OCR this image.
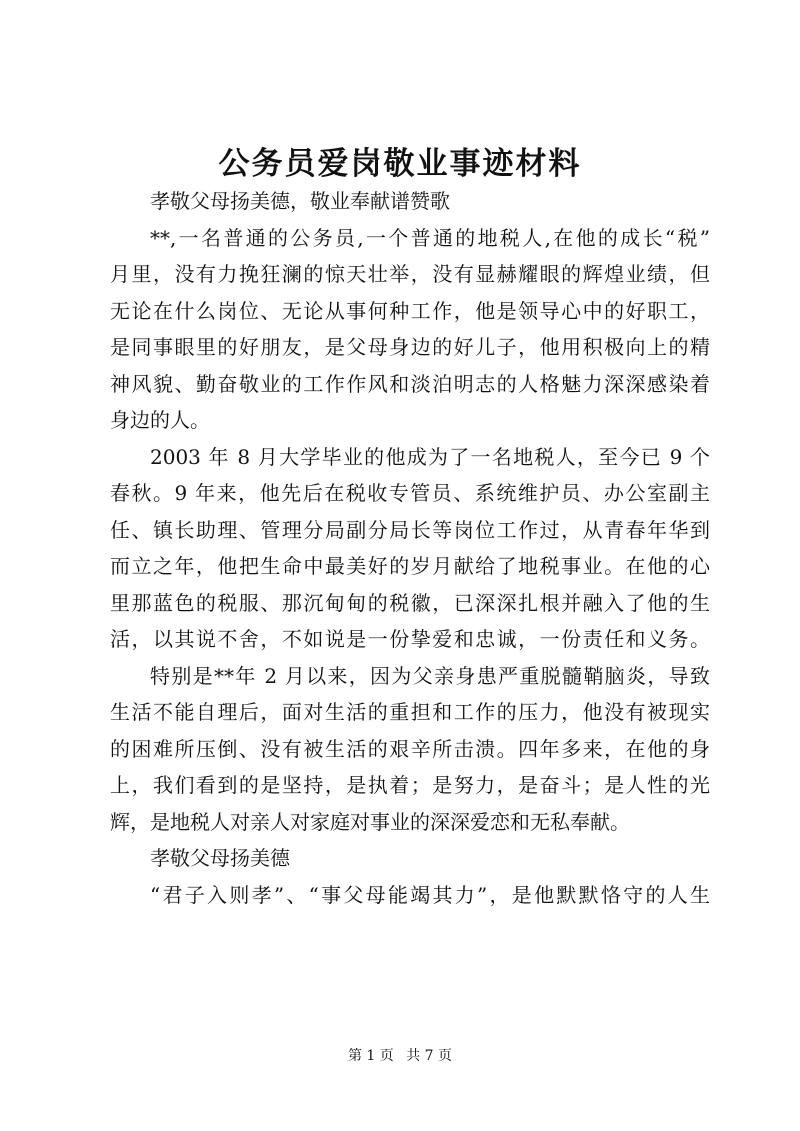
公务员爱岗敬业事迹材料
孝敬父母扬美德，敬业奉献谱赞歌
**,一名普通的公务员,一个普通的地税人,在他的成长“税”
月里，没有力挽狂澜的惊天壮举，没有显赫耀眼的辉煌业绩，但
无论在什么岗位、无论从事何种工作，他是领导心中的好职工，
是同事眼里的好朋友，是父母身边的好儿子，他用积极向上的精
神风貌、勤奋敬业的工作作风和淡泊明志的人格魅力深深感染着
身边的人。
2003 年 8 月大学毕业的他成为了一名地税人，至今已 9 个
春秋。9 年来，他先后在税收专管员、系统维护员、办公室副主
任、镇长助理、管理分局副分局长等岗位工作过，从青春年华到
而立之年，他把生命中最美好的岁月献给了地税事业。在他的心
里那蓝色的税服、那沉甸甸的税徽，已深深扎根并融入了他的生
活，以其说不舍，不如说是一份挚爱和忠诚，一份责任和义务。
特别是**年 2 月以来，因为父亲身患严重脱髓鞘脑炎，导致
生活不能自理后，面对生活的重担和工作的压力，他没有被现实
的困难所压倒、没有被生活的艰辛所击溃。四年多来，在他的身
上，我们看到的是坚持，是执着；是努力，是奋斗；是人性的光
辉，是地税人对亲人对家庭对事业的深深爱恋和无私奉献。
孝敬父母扬美德
“君子入则孝”、“事父母能竭其力”，是他默默恪守的人生
第 1 页 共 7 页
